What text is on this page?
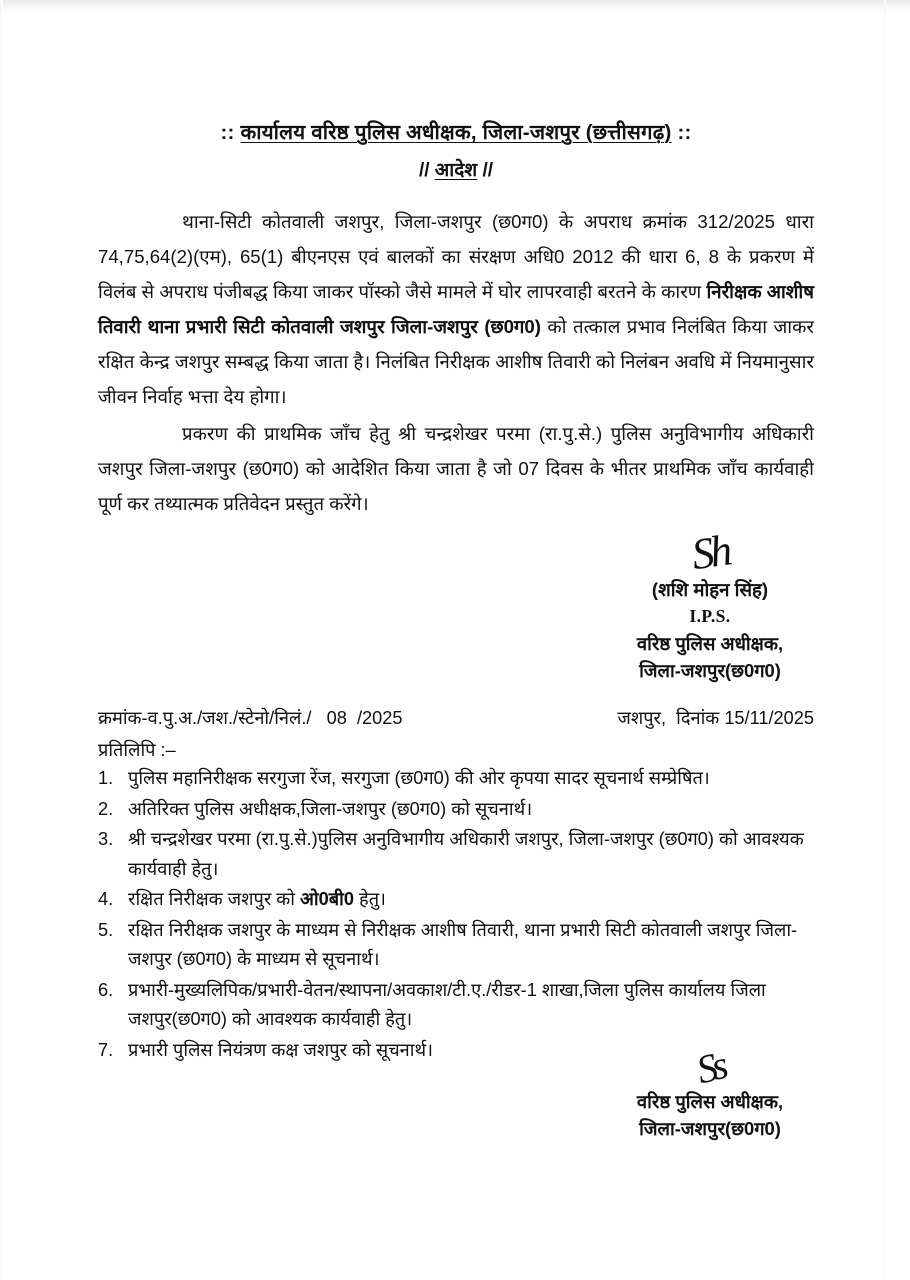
:: कार्यालय वरिष्ठ पुलिस अधीक्षक, जिला-जशपुर (छत्तीसगढ़) ::
// आदेश //

थाना-सिटी कोतवाली जशपुर, जिला-जशपुर (छ0ग0) के अपराध क्रमांक 312/2025 धारा 74,75,64(2)(एम), 65(1) बीएनएस एवं बालकों का संरक्षण अधि0 2012 की धारा 6, 8 के प्रकरण में विलंब से अपराध पंजीबद्ध किया जाकर पॉस्को जैसे मामले में घोर लापरवाही बरतने के कारण निरीक्षक आशीष तिवारी थाना प्रभारी सिटी कोतवाली जशपुर जिला-जशपुर (छ0ग0) को तत्काल प्रभाव निलंबित किया जाकर रक्षित केन्द्र जशपुर सम्बद्ध किया जाता है। निलंबित निरीक्षक आशीष तिवारी को निलंबन अवधि में नियमानुसार जीवन निर्वाह भत्ता देय होगा।

प्रकरण की प्राथमिक जॉंच हेतु श्री चन्द्रशेखर परमा (रा.पु.से.) पुलिस अनुविभागीय अधिकारी जशपुर जिला-जशपुर (छ0ग0) को आदेशित किया जाता है जो 07 दिवस के भीतर प्राथमिक जॉंच कार्यवाही पूर्ण कर तथ्यात्मक प्रतिवेदन प्रस्तुत करेंगे।

Sh
(शशि मोहन सिंह)
I.P.S.
वरिष्ठ पुलिस अधीक्षक,
जिला-जशपुर(छ0ग0)
क्रमांक-व.पु.अ./जश./स्टेनो/निलं./ 08 /2025	जशपुर,  दिनांक 15/11/2025
प्रतिलिपि :–
1. पुलिस महानिरीक्षक सरगुजा रेंज, सरगुजा (छ0ग0) की ओर कृपया सादर सूचनार्थ सम्प्रेषित।
2. अतिरिक्त पुलिस अधीक्षक,जिला-जशपुर (छ0ग0) को सूचनार्थ।
3. श्री चन्द्रशेखर परमा (रा.पु.से.)पुलिस अनुविभागीय अधिकारी जशपुर, जिला-जशपुर (छ0ग0) को आवश्यक कार्यवाही हेतु।
4. रक्षित निरीक्षक जशपुर को ओ0बी0 हेतु।
5. रक्षित निरीक्षक जशपुर के माध्यम से निरीक्षक आशीष तिवारी, थाना प्रभारी सिटी कोतवाली जशपुर जिला-जशपुर (छ0ग0) के माध्यम से सूचनार्थ।
6. प्रभारी-मुख्यलिपिक/प्रभारी-वेतन/स्थापना/अवकाश/टी.ए./रीडर-1 शाखा,जिला पुलिस कार्यालय जिला जशपुर(छ0ग0) को आवश्यक कार्यवाही हेतु।
7. प्रभारी पुलिस नियंत्रण कक्ष जशपुर को सूचनार्थ।	Ss
वरिष्ठ पुलिस अधीक्षक,
जिला-जशपुर(छ0ग0)
